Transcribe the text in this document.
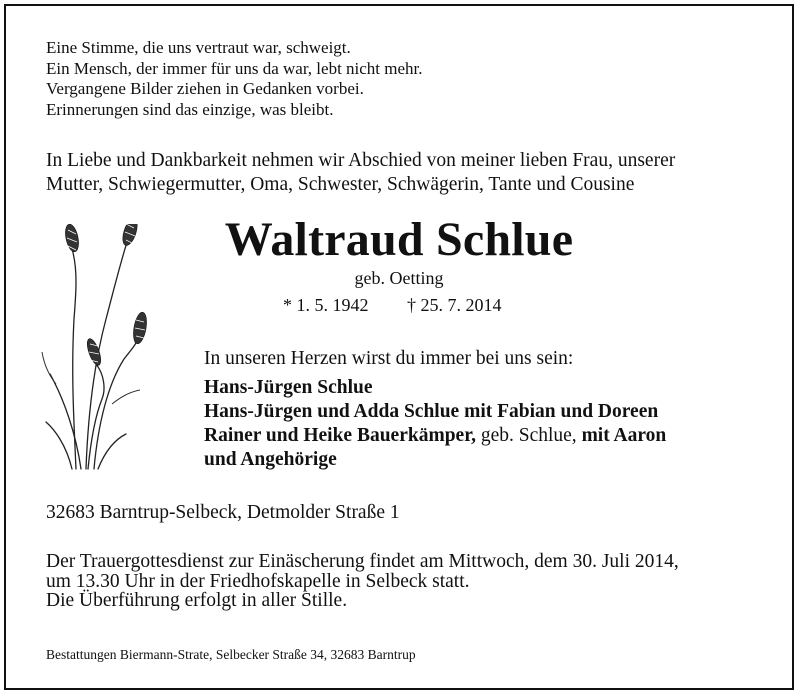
Eine Stimme, die uns vertraut war, schweigt.
Ein Mensch, der immer für uns da war, lebt nicht mehr.
Vergangene Bilder ziehen in Gedanken vorbei.
Erinnerungen sind das einzige, was bleibt.
In Liebe und Dankbarkeit nehmen wir Abschied von meiner lieben Frau, unserer
Mutter, Schwiegermutter, Oma, Schwester, Schwägerin, Tante und Cousine
Waltraud Schlue
geb. Oetting
* 1. 5. 1942 † 25. 7. 2014
In unseren Herzen wirst du immer bei uns sein:
Hans-Jürgen Schlue
Hans-Jürgen und Adda Schlue mit Fabian und Doreen
Rainer und Heike Bauerkämper, geb. Schlue, mit Aaron
und Angehörige
32683 Barntrup-Selbeck, Detmolder Straße 1
Der Trauergottesdienst zur Einäscherung findet am Mittwoch, dem 30. Juli 2014,
um 13.30 Uhr in der Friedhofskapelle in Selbeck statt.
Die Überführung erfolgt in aller Stille.
Bestattungen Biermann-Strate, Selbecker Straße 34, 32683 Barntrup
